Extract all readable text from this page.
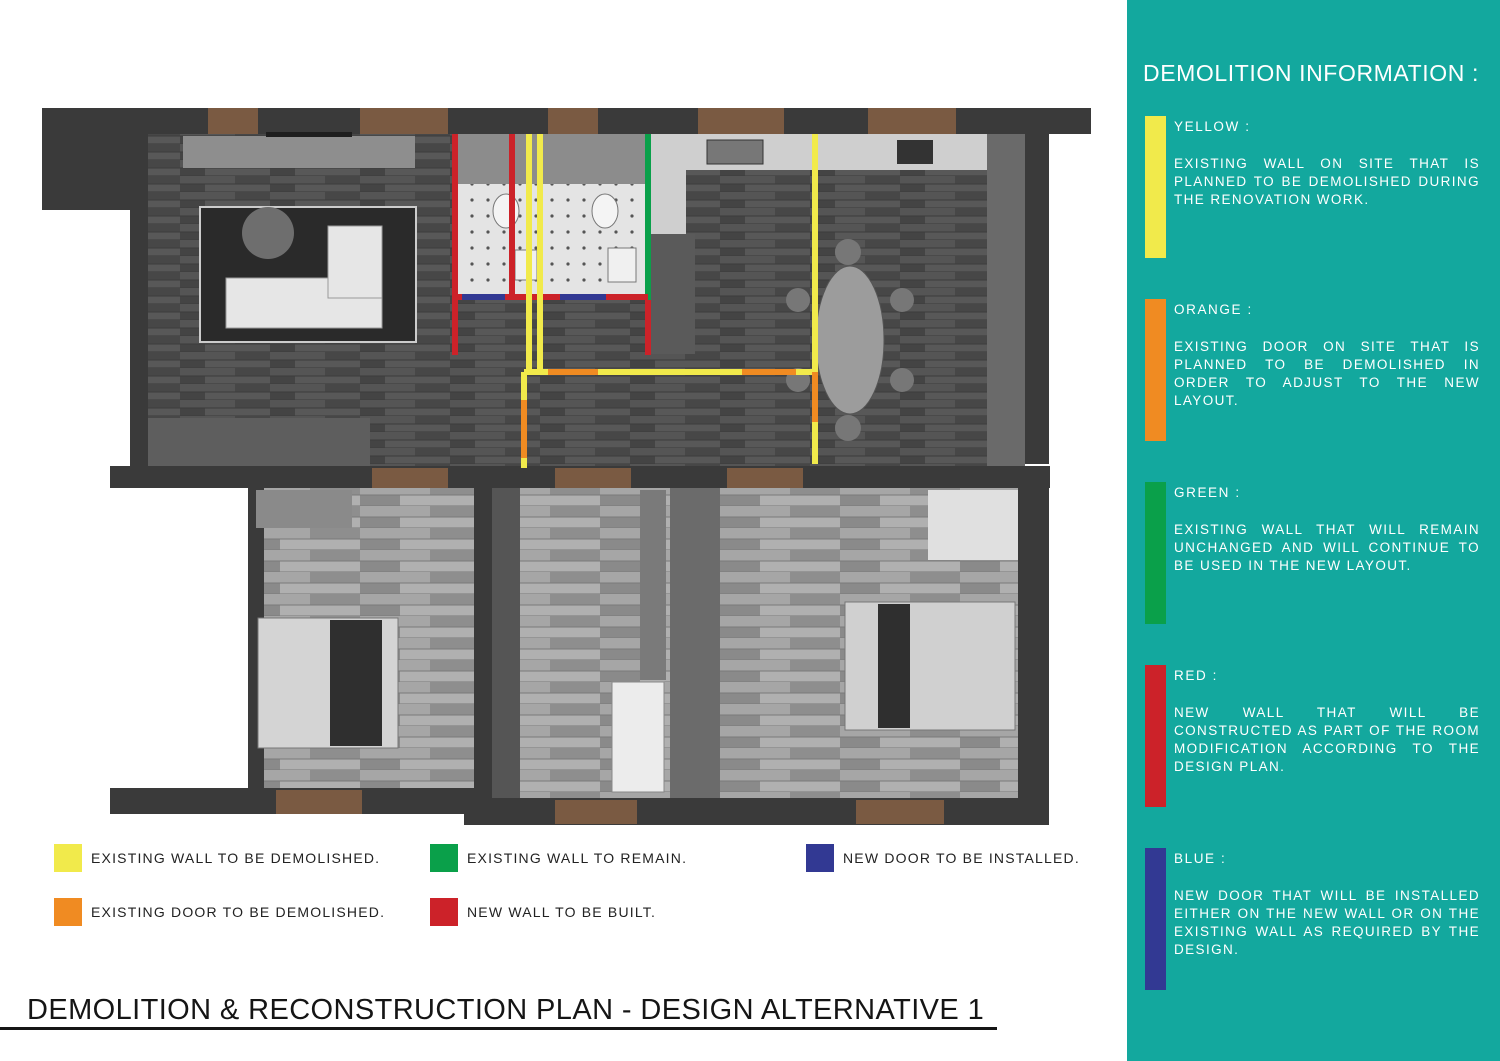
EXISTING WALL TO BE DEMOLISHED.	EXISTING WALL TO REMAIN.	NEW DOOR TO BE INSTALLED.
EXISTING DOOR TO BE DEMOLISHED.	NEW WALL TO BE BUILT.
DEMOLITION & RECONSTRUCTION PLAN - DESIGN ALTERNATIVE 1
DEMOLITION INFORMATION :
YELLOW :
EXISTING WALL ON SITE THAT IS PLANNED TO BE DEMOLISHED DURING THE RENOVATION WORK.
ORANGE :
EXISTING DOOR ON SITE THAT IS PLANNED TO BE DEMOLISHED IN ORDER TO ADJUST TO THE NEW LAYOUT.
GREEN :
EXISTING WALL THAT WILL REMAIN UNCHANGED AND WILL CONTINUE TO BE USED IN THE NEW LAYOUT.
RED :
NEW WALL THAT WILL BE CONSTRUCTED AS PART OF THE ROOM MODIFICATION ACCORDING TO THE DESIGN PLAN.
BLUE :
NEW DOOR THAT WILL BE INSTALLED EITHER ON THE NEW WALL OR ON THE EXISTING WALL AS REQUIRED BY THE DESIGN.
